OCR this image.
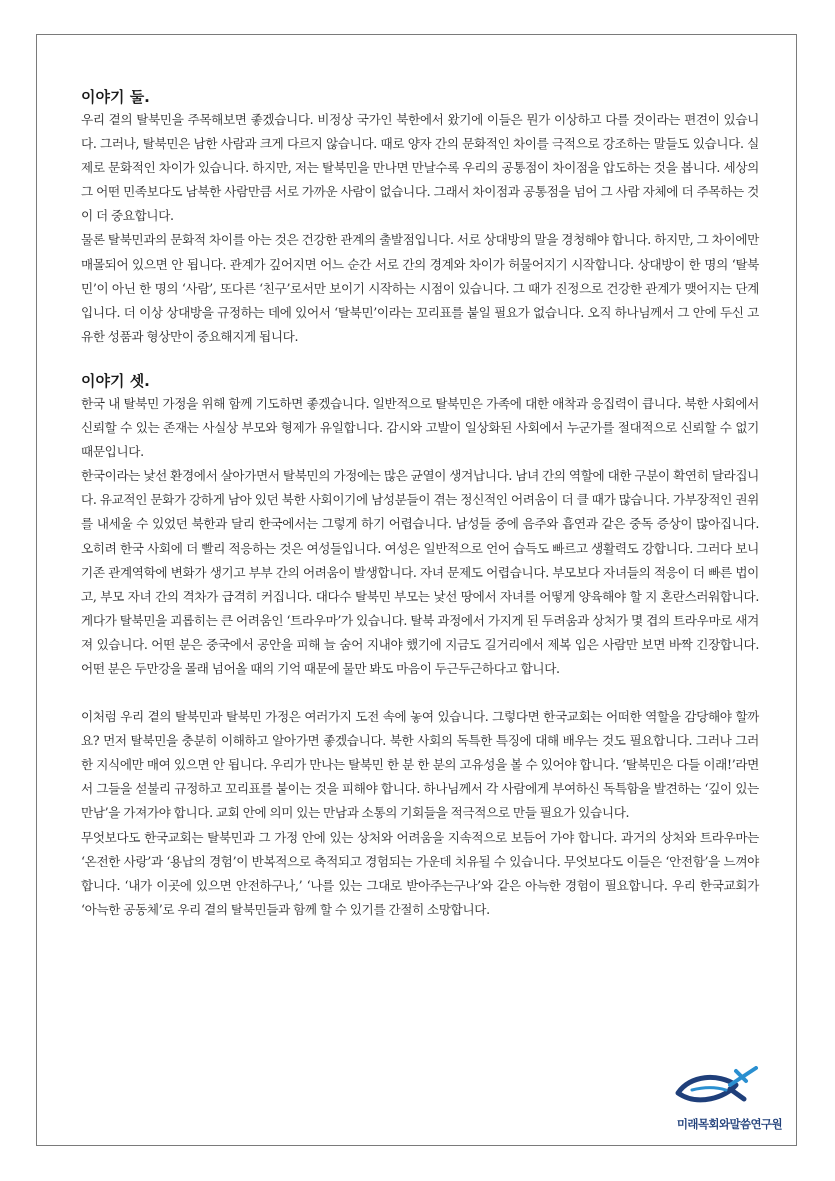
이야기 둘.

우리 곁의 탈북민을 주목해보면 좋겠습니다. 비정상 국가인 북한에서 왔기에 이들은 뭔가 이상하고 다를 것이라는 편견이 있습니다. 그러나, 탈북민은 남한 사람과 크게 다르지 않습니다. 때로 양자 간의 문화적인 차이를 극적으로 강조하는 말들도 있습니다. 실제로 문화적인 차이가 있습니다. 하지만, 저는 탈북민을 만나면 만날수록 우리의 공통점이 차이점을 압도하는 것을 봅니다. 세상의 그 어떤 민족보다도 남북한 사람만큼 서로 가까운 사람이 없습니다. 그래서 차이점과 공통점을 넘어 그 사람 자체에 더 주목하는 것이 더 중요합니다.

물론 탈북민과의 문화적 차이를 아는 것은 건강한 관계의 출발점입니다. 서로 상대방의 말을 경청해야 합니다. 하지만, 그 차이에만 매몰되어 있으면 안 됩니다. 관계가 깊어지면 어느 순간 서로 간의 경계와 차이가 허물어지기 시작합니다. 상대방이 한 명의 ‘탈북민’이 아닌 한 명의 ‘사람’, 또다른 ‘친구’로서만 보이기 시작하는 시점이 있습니다. 그 때가 진정으로 건강한 관계가 맺어지는 단계입니다. 더 이상 상대방을 규정하는 데에 있어서 ‘탈북민’이라는 꼬리표를 붙일 필요가 없습니다. 오직 하나님께서 그 안에 두신 고유한 성품과 형상만이 중요해지게 됩니다.

이야기 셋.

한국 내 탈북민 가정을 위해 함께 기도하면 좋겠습니다. 일반적으로 탈북민은 가족에 대한 애착과 응집력이 큽니다. 북한 사회에서 신뢰할 수 있는 존재는 사실상 부모와 형제가 유일합니다. 감시와 고발이 일상화된 사회에서 누군가를 절대적으로 신뢰할 수 없기 때문입니다.

한국이라는 낯선 환경에서 살아가면서 탈북민의 가정에는 많은 균열이 생겨납니다. 남녀 간의 역할에 대한 구분이 확연히 달라집니다. 유교적인 문화가 강하게 남아 있던 북한 사회이기에 남성분들이 겪는 정신적인 어려움이 더 클 때가 많습니다. 가부장적인 권위를 내세울 수 있었던 북한과 달리 한국에서는 그렇게 하기 어렵습니다. 남성들 중에 음주와 흡연과 같은 중독 증상이 많아집니다. 오히려 한국 사회에 더 빨리 적응하는 것은 여성들입니다. 여성은 일반적으로 언어 습득도 빠르고 생활력도 강합니다. 그러다 보니 기존 관계역학에 변화가 생기고 부부 간의 어려움이 발생합니다. 자녀 문제도 어렵습니다. 부모보다 자녀들의 적응이 더 빠른 법이고, 부모 자녀 간의 격차가 급격히 커집니다. 대다수 탈북민 부모는 낯선 땅에서 자녀를 어떻게 양육해야 할 지 혼란스러워합니다. 게다가 탈북민을 괴롭히는 큰 어려움인 ‘트라우마’가 있습니다. 탈북 과정에서 가지게 된 두려움과 상처가 몇 겹의 트라우마로 새겨져 있습니다. 어떤 분은 중국에서 공안을 피해 늘 숨어 지내야 했기에 지금도 길거리에서 제복 입은 사람만 보면 바짝 긴장합니다. 어떤 분은 두만강을 몰래 넘어올 때의 기억 때문에 물만 봐도 마음이 두근두근하다고 합니다.

이처럼 우리 곁의 탈북민과 탈북민 가정은 여러가지 도전 속에 놓여 있습니다. 그렇다면 한국교회는 어떠한 역할을 감당해야 할까요? 먼저 탈북민을 충분히 이해하고 알아가면 좋겠습니다. 북한 사회의 독특한 특징에 대해 배우는 것도 필요합니다. 그러나 그러한 지식에만 매여 있으면 안 됩니다. 우리가 만나는 탈북민 한 분 한 분의 고유성을 볼 수 있어야 합니다. ‘탈북민은 다들 이래!’라면서 그들을 섣불리 규정하고 꼬리표를 붙이는 것을 피해야 합니다. 하나님께서 각 사람에게 부여하신 독특함을 발견하는 ‘깊이 있는 만남’을 가져가야 합니다. 교회 안에 의미 있는 만남과 소통의 기회들을 적극적으로 만들 필요가 있습니다.

무엇보다도 한국교회는 탈북민과 그 가정 안에 있는 상처와 어려움을 지속적으로 보듬어 가야 합니다. 과거의 상처와 트라우마는 ‘온전한 사랑’과 ‘용납의 경험’이 반복적으로 축적되고 경험되는 가운데 치유될 수 있습니다. 무엇보다도 이들은 ‘안전함’을 느껴야 합니다. ‘내가 이곳에 있으면 안전하구나,’ ‘나를 있는 그대로 받아주는구나’와 같은 아늑한 경험이 필요합니다. 우리 한국교회가 ‘아늑한 공동체’로 우리 곁의 탈북민들과 함께 할 수 있기를 간절히 소망합니다.

미래목회와말씀연구원
